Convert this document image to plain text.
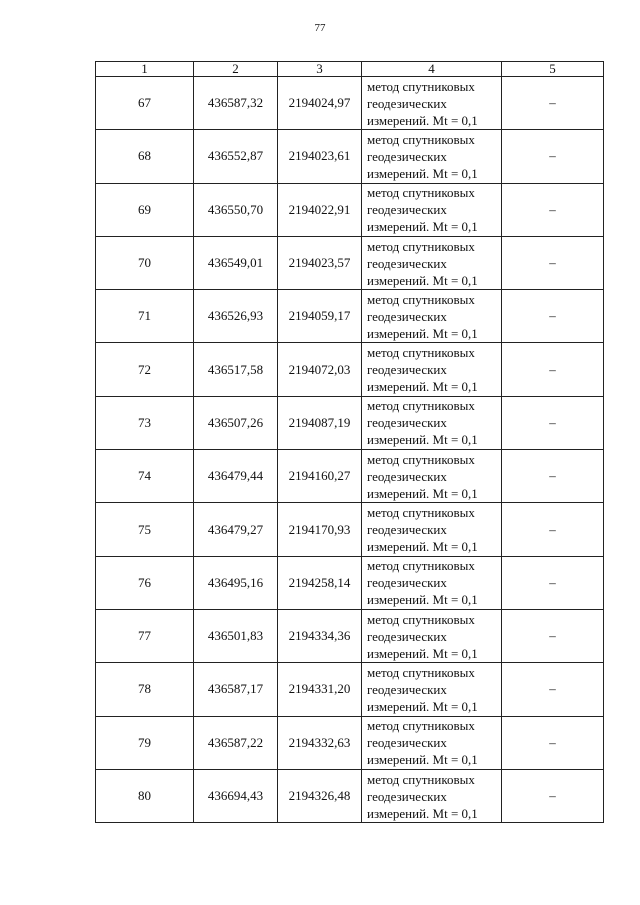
77
1	2	3	4	5
67	436587,32	2194024,97	метод спутниковых
геодезических
измерений. Mt = 0,1	–
68	436552,87	2194023,61	метод спутниковых
геодезических
измерений. Mt = 0,1	–
69	436550,70	2194022,91	метод спутниковых
геодезических
измерений. Mt = 0,1	–
70	436549,01	2194023,57	метод спутниковых
геодезических
измерений. Mt = 0,1	–
71	436526,93	2194059,17	метод спутниковых
геодезических
измерений. Mt = 0,1	–
72	436517,58	2194072,03	метод спутниковых
геодезических
измерений. Mt = 0,1	–
73	436507,26	2194087,19	метод спутниковых
геодезических
измерений. Mt = 0,1	–
74	436479,44	2194160,27	метод спутниковых
геодезических
измерений. Mt = 0,1	–
75	436479,27	2194170,93	метод спутниковых
геодезических
измерений. Mt = 0,1	–
76	436495,16	2194258,14	метод спутниковых
геодезических
измерений. Mt = 0,1	–
77	436501,83	2194334,36	метод спутниковых
геодезических
измерений. Mt = 0,1	–
78	436587,17	2194331,20	метод спутниковых
геодезических
измерений. Mt = 0,1	–
79	436587,22	2194332,63	метод спутниковых
геодезических
измерений. Mt = 0,1	–
80	436694,43	2194326,48	метод спутниковых
геодезических
измерений. Mt = 0,1	–
